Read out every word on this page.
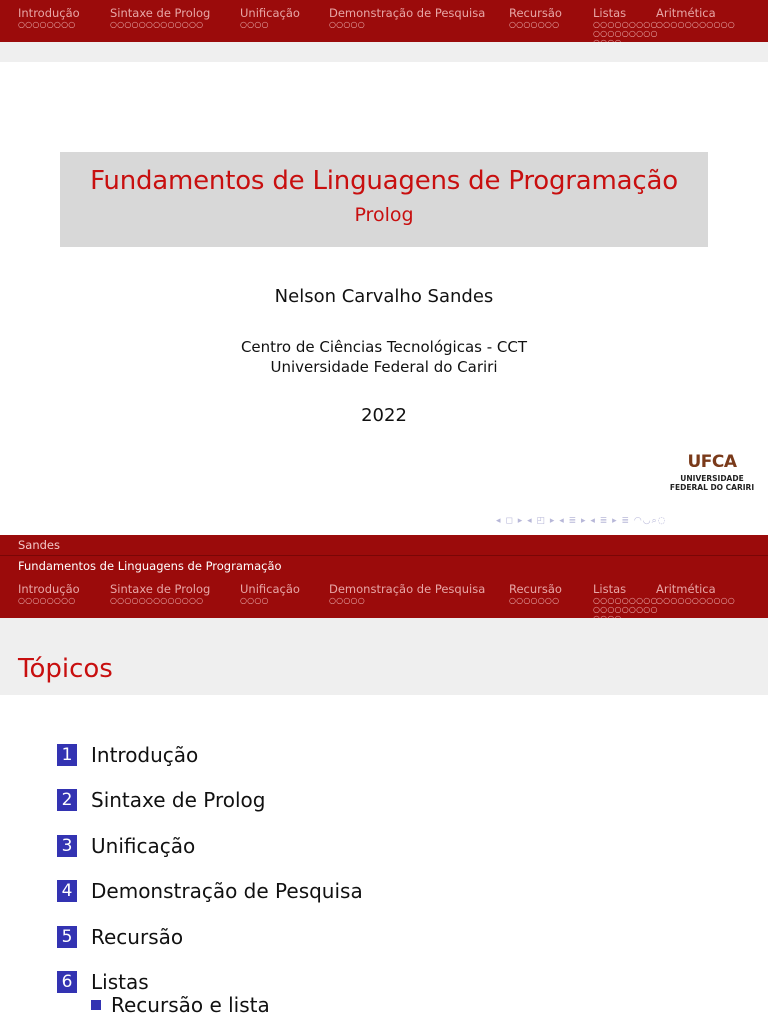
Introdução
○○○○○○○○
Sintaxe de Prolog
○○○○○○○○○○○○○
Unificação
○○○○
Demonstração de Pesquisa
○○○○○
Recursão
○○○○○○○
Listas
○○○○○○○○○○○○○○○○○○
Aritmética
○○○○○○○○○○○
Fundamentos de Linguagens de Programação
Prolog
Nelson Carvalho Sandes
Centro de Ciências Tecnológicas - CCT
Universidade Federal do Cariri
2022
UFCA
UNIVERSIDADE
FEDERAL DO CARIRI
◂ ◻ ▸ ◂ ◰ ▸ ◂ ≣ ▸ ◂ ≣ ▸ ≣ ◠◡⌕◌
Sandes
Fundamentos de Linguagens de Programação
Introdução
○○○○○○○○
Sintaxe de Prolog
○○○○○○○○○○○○○
Unificação
○○○○
Demonstração de Pesquisa
○○○○○
Recursão
○○○○○○○
Listas
○○○○○○○○○○○○○○○○○○
Aritmética
○○○○○○○○○○○
Tópicos
1 Introdução
2 Sintaxe de Prolog
3 Unificação
4 Demonstração de Pesquisa
5 Recursão
6 Listas
Recursão e lista
